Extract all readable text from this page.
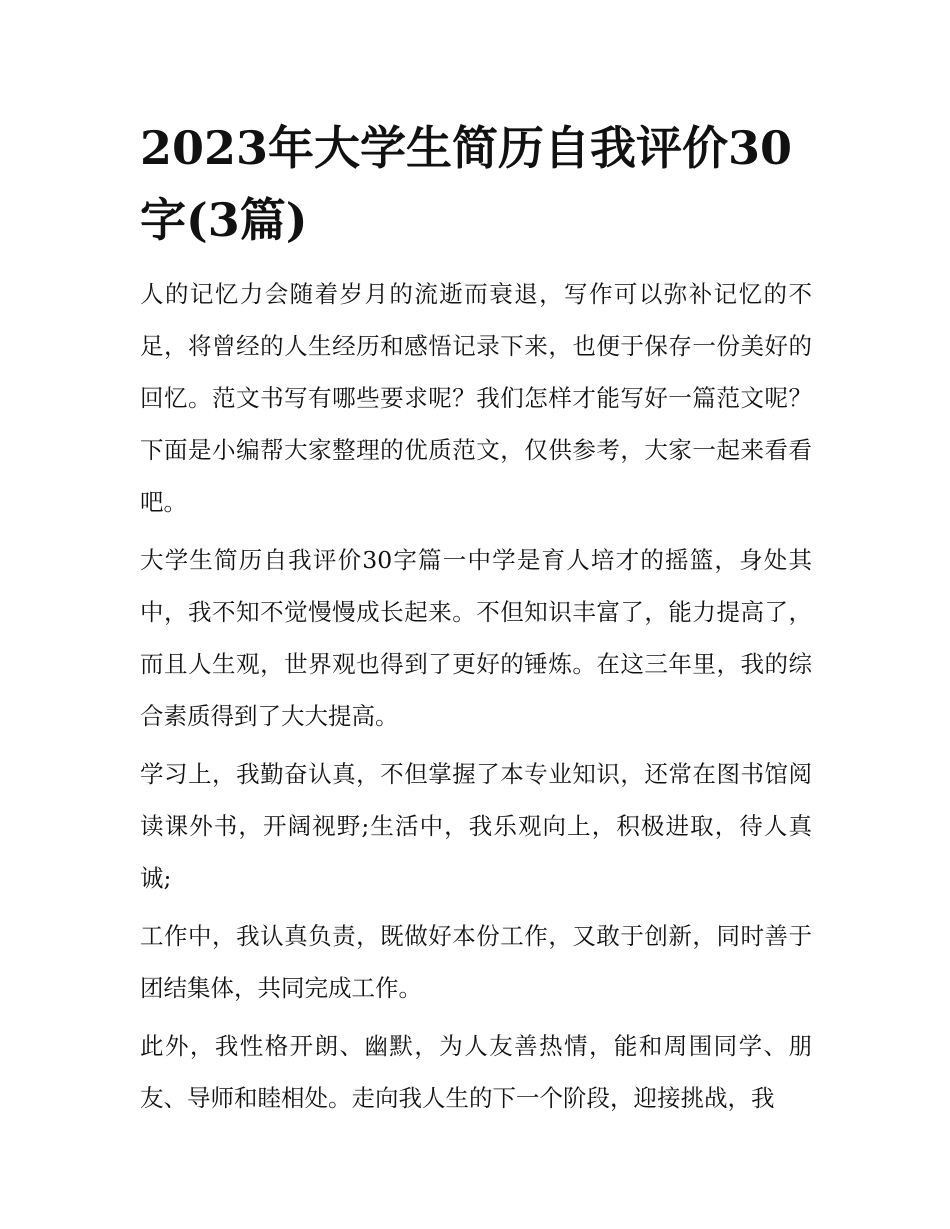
2023年大学生简历自我评价30字(3篇)

人的记忆力会随着岁月的流逝而衰退，写作可以弥补记忆的不足，将曾经的人生经历和感悟记录下来，也便于保存一份美好的回忆。范文书写有哪些要求呢？我们怎样才能写好一篇范文呢？下面是小编帮大家整理的优质范文，仅供参考，大家一起来看看吧。

大学生简历自我评价30字篇一中学是育人培才的摇篮，身处其中，我不知不觉慢慢成长起来。不但知识丰富了，能力提高了，而且人生观，世界观也得到了更好的锤炼。在这三年里，我的综合素质得到了大大提高。

学习上，我勤奋认真，不但掌握了本专业知识，还常在图书馆阅读课外书，开阔视野;生活中，我乐观向上，积极进取，待人真诚;

工作中，我认真负责，既做好本份工作，又敢于创新，同时善于团结集体，共同完成工作。

此外，我性格开朗、幽默，为人友善热情，能和周围同学、朋友、导师和睦相处。走向我人生的下一个阶段，迎接挑战，我
